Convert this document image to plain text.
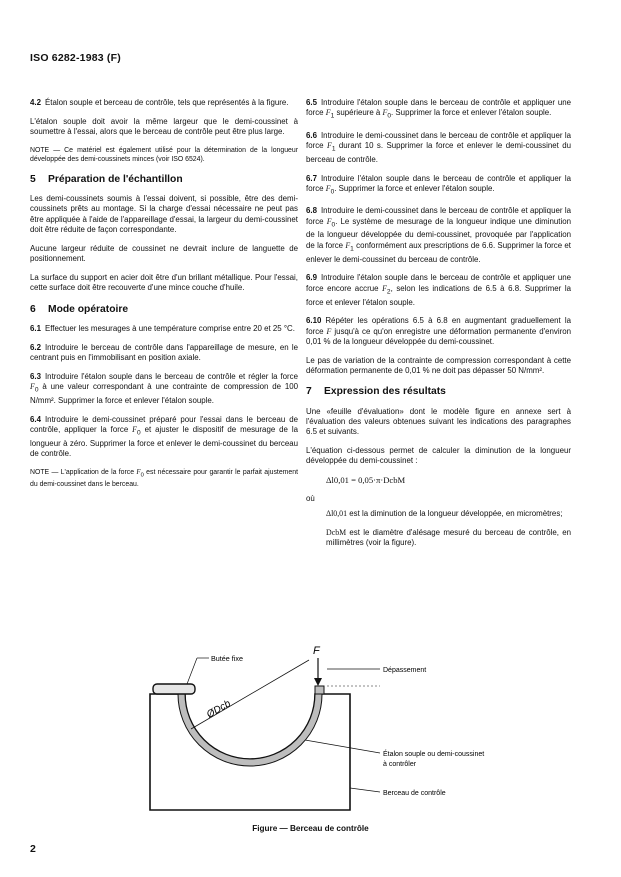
ISO 6282-1983 (F)

4.2 Étalon souple et berceau de contrôle, tels que représentés à la figure.

L'étalon souple doit avoir la même largeur que le demi-coussinet à soumettre à l'essai, alors que le berceau de contrôle peut être plus large.

NOTE — Ce matériel est également utilisé pour la détermination de la longueur développée des demi-coussinets minces (voir ISO 6524).

5 Préparation de l'échantillon

Les demi-coussinets soumis à l'essai doivent, si possible, être des demi-coussinets prêts au montage. Si la charge d'essai nécessaire ne peut pas être appliquée à l'aide de l'appareillage d'essai, la largeur du demi-coussinet doit être réduite de façon correspondante.

Aucune largeur réduite de coussinet ne devrait inclure de languette de positionnement.

La surface du support en acier doit être d'un brillant métallique. Pour l'essai, cette surface doit être recouverte d'une mince couche d'huile.

6 Mode opératoire

6.1 Effectuer les mesurages à une température comprise entre 20 et 25 °C.

6.2 Introduire le berceau de contrôle dans l'appareillage de mesure, en le centrant puis en l'immobilisant en position axiale.

6.3 Introduire l'étalon souple dans le berceau de contrôle et régler la force $F_0$ à une valeur correspondant à une contrainte de compression de 100 N/mm². Supprimer la force et enlever l'étalon souple.

6.4 Introduire le demi-coussinet préparé pour l'essai dans le berceau de contrôle, appliquer la force $F_0$ et ajuster le dispositif de mesurage de la longueur à zéro. Supprimer la force et enlever le demi-coussinet du berceau de contrôle.

NOTE — L'application de la force $F_0$ est nécessaire pour garantir le parfait ajustement du demi-coussinet dans le berceau.

6.5 Introduire l'étalon souple dans le berceau de contrôle et appliquer une force $F_1$ supérieure à $F_0$. Supprimer la force et enlever l'étalon souple.

6.6 Introduire le demi-coussinet dans le berceau de contrôle et appliquer la force $F_1$ durant 10 s. Supprimer la force et enlever le demi-coussinet du berceau de contrôle.

6.7 Introduire l'étalon souple dans le berceau de contrôle et appliquer la force $F_0$. Supprimer la force et enlever l'étalon souple.

6.8 Introduire le demi-coussinet dans le berceau de contrôle et appliquer la force $F_0$. Le système de mesurage de la longueur indique une diminution de la longueur développée du demi-coussinet, provoquée par l'application de la force $F_1$ conformément aux prescriptions de 6.6. Supprimer la force et enlever le demi-coussinet du berceau de contrôle.

6.9 Introduire l'étalon souple dans le berceau de contrôle et appliquer une force encore accrue $F_2$, selon les indications de 6.5 à 6.8. Supprimer la force et enlever l'étalon souple.

6.10 Répéter les opérations 6.5 à 6.8 en augmentant graduellement la force F jusqu'à ce qu'on enregistre une déformation permanente d'environ 0,01 % de la longueur développée du demi-coussinet.

Le pas de variation de la contrainte de compression correspondant à cette déformation permanente de 0,01 % ne doit pas dépasser 50 N/mm².

7 Expression des résultats

Une «feuille d'évaluation» dont le modèle figure en annexe sert à l'évaluation des valeurs obtenues suivant les indications des paragraphes 6.5 et suivants.

L'équation ci-dessous permet de calculer la diminution de la longueur développée du demi-coussinet :

Δl0,01 = 0,05·π·DcbM

où

Δl0,01 est la diminution de la longueur développée, en micromètres;

DcbM est le diamètre d'alésage mesuré du berceau de contrôle, en millimètres (voir la figure).

ØDcb
F
Butée fixe
Dépassement
Étalon souple ou demi-coussinet
à contrôler
Berceau de contrôle
Figure — Berceau de contrôle
2
